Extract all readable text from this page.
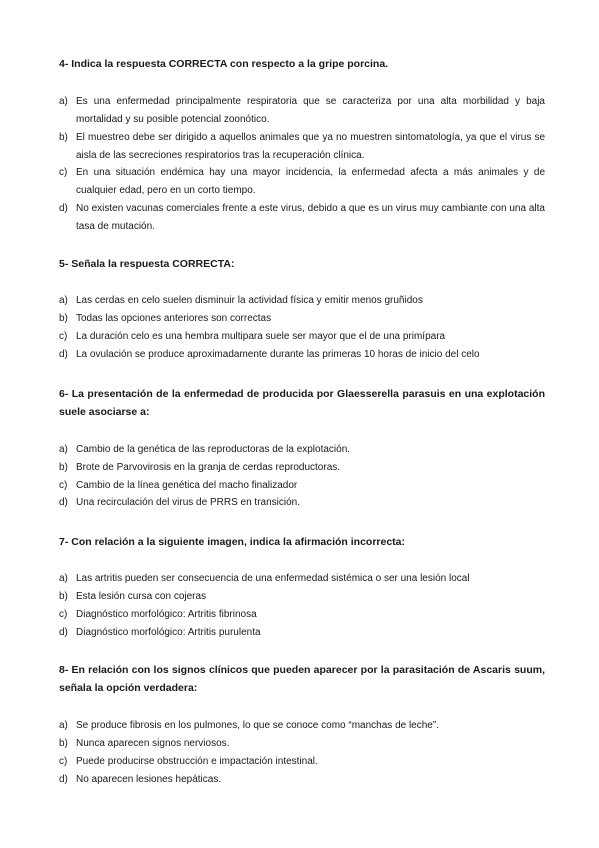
4- Indica la respuesta CORRECTA con respecto a la gripe porcina.

a) Es una enfermedad principalmente respiratoria que se caracteriza por una alta morbilidad y baja mortalidad y su posible potencial zoonótico.
b) El muestreo debe ser dirigido a aquellos animales que ya no muestren sintomatología, ya que el virus se aisla de las secreciones respiratorios tras la recuperación clínica.
c) En una situación endémica hay una mayor incidencia, la enfermedad afecta a más animales y de cualquier edad, pero en un corto tiempo.
d) No existen vacunas comerciales frente a este virus, debido a que es un virus muy cambiante con una alta tasa de mutación.

5- Señala la respuesta CORRECTA:

a) Las cerdas en celo suelen disminuir la actividad física y emitir menos gruñidos
b) Todas las opciones anteriores son correctas
c) La duración celo es una hembra multipara suele ser mayor que el de una primípara
d) La ovulación se produce aproximadamente durante las primeras 10 horas de inicio del celo

6- La presentación de la enfermedad de producida por Glaesserella parasuis en una explotación suele asociarse a:

a) Cambio de la genética de las reproductoras de la explotación.
b) Brote de Parvovirosis en la granja de cerdas reproductoras.
c) Cambio de la línea genética del macho finalizador
d) Una recirculación del virus de PRRS en transición.

7- Con relación a la siguiente imagen, indica la afirmación incorrecta:

a) Las artritis pueden ser consecuencia de una enfermedad sistémica o ser una lesión local
b) Esta lesión cursa con cojeras
c) Diagnóstico morfológico: Artritis fibrinosa
d) Diagnóstico morfológico: Artritis purulenta

8- En relación con los signos clínicos que pueden aparecer por la parasitación de Ascaris suum, señala la opción verdadera:

a) Se produce fibrosis en los pulmones, lo que se conoce como “manchas de leche”.
b) Nunca aparecen signos nerviosos.
c) Puede producirse obstrucción e impactación intestinal.
d) No aparecen lesiones hepáticas.
